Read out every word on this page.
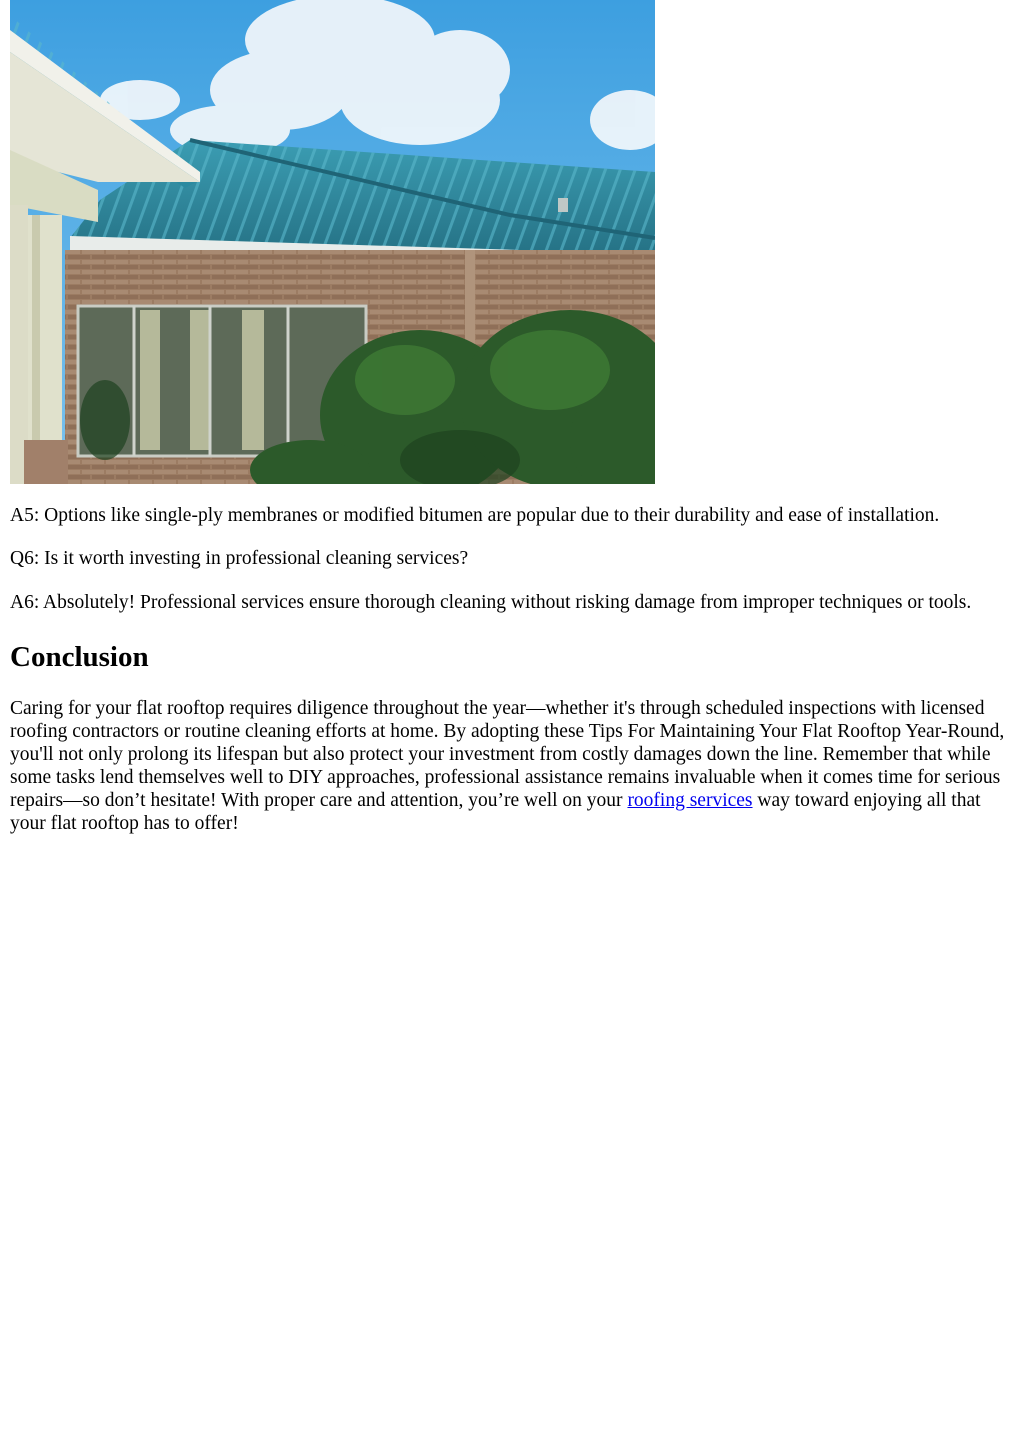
A5: Options like single-ply membranes or modified bitumen are popular due to their durability and ease of installation.

Q6: Is it worth investing in professional cleaning services?

A6: Absolutely! Professional services ensure thorough cleaning without risking damage from improper techniques or tools.

Conclusion

Caring for your flat rooftop requires diligence throughout the year—whether it's through scheduled inspections with licensed roofing contractors or routine cleaning efforts at home. By adopting these Tips For Maintaining Your Flat Rooftop Year-Round, you'll not only prolong its lifespan but also protect your investment from costly damages down the line. Remember that while some tasks lend themselves well to DIY approaches, professional assistance remains invaluable when it comes time for serious repairs—so don’t hesitate! With proper care and attention, you’re well on your roofing services way toward enjoying all that your flat rooftop has to offer!
